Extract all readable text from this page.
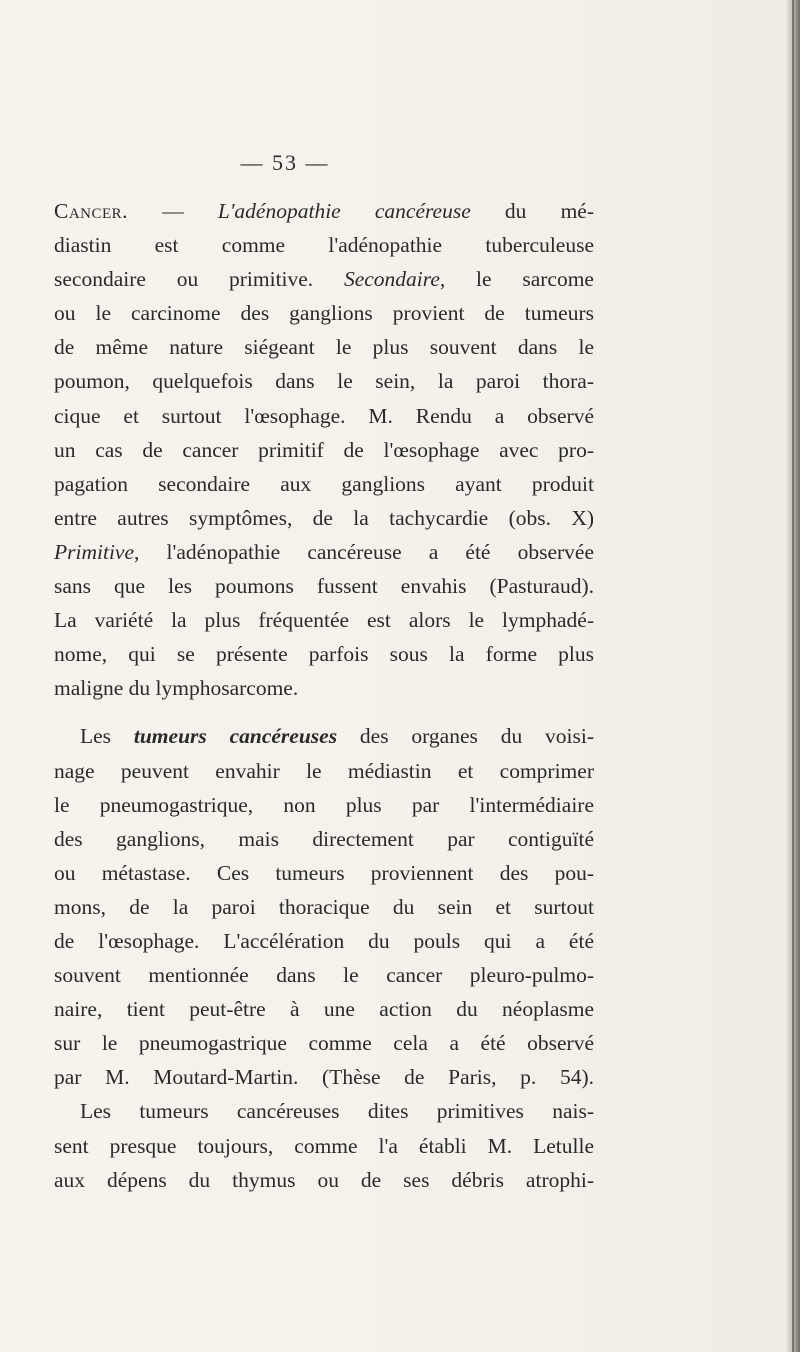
— 53 —
Cancer. — L'adénopathie cancéreuse du mé-
diastin est comme l'adénopathie tuberculeuse
secondaire ou primitive. Secondaire, le sarcome
ou le carcinome des ganglions provient de tumeurs
de même nature siégeant le plus souvent dans le
poumon, quelquefois dans le sein, la paroi thora-
cique et surtout l'œsophage. M. Rendu a observé
un cas de cancer primitif de l'œsophage avec pro-
pagation secondaire aux ganglions ayant produit
entre autres symptômes, de la tachycardie (obs. X)
Primitive, l'adénopathie cancéreuse a été observée
sans que les poumons fussent envahis (Pasturaud).
La variété la plus fréquentée est alors le lymphadé-
nome, qui se présente parfois sous la forme plus
maligne du lymphosarcome.
Les tumeurs cancéreuses des organes du voisi-
nage peuvent envahir le médiastin et comprimer
le pneumogastrique, non plus par l'intermédiaire
des ganglions, mais directement par contiguïté
ou métastase. Ces tumeurs proviennent des pou-
mons, de la paroi thoracique du sein et surtout
de l'œsophage. L'accélération du pouls qui a été
souvent mentionnée dans le cancer pleuro-pulmo-
naire, tient peut-être à une action du néoplasme
sur le pneumogastrique comme cela a été observé
par M. Moutard-Martin. (Thèse de Paris, p. 54).
Les tumeurs cancéreuses dites primitives nais-
sent presque toujours, comme l'a établi M. Letulle
aux dépens du thymus ou de ses débris atrophi-
